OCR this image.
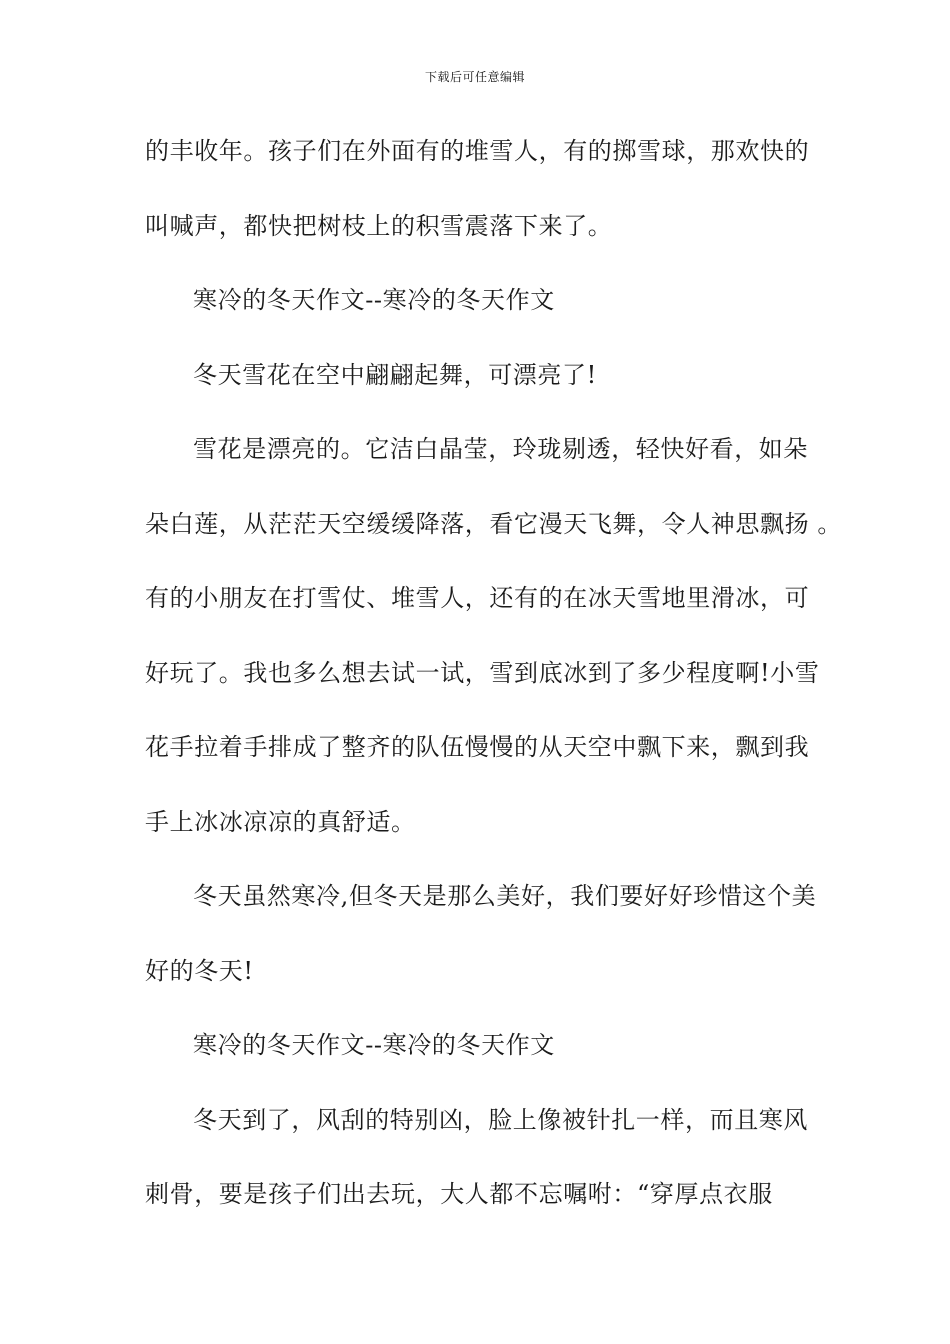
下载后可任意编辑
的丰收年。孩子们在外面有的堆雪人，有的掷雪球，那欢快的
叫喊声，都快把树枝上的积雪震落下来了。
寒冷的冬天作文--寒冷的冬天作文
冬天雪花在空中翩翩起舞，可漂亮了!
雪花是漂亮的。它洁白晶莹，玲珑剔透，轻快好看，如朵
朵白莲，从茫茫天空缓缓降落，看它漫天飞舞，令人神思飘扬 。
有的小朋友在打雪仗、堆雪人，还有的在冰天雪地里滑冰，可
好玩了。我也多么想去试一试，雪到底冰到了多少程度啊!小雪
花手拉着手排成了整齐的队伍慢慢的从天空中飘下来，飘到我
手上冰冰凉凉的真舒适。
冬天虽然寒冷,但冬天是那么美好，我们要好好珍惜这个美
好的冬天!
寒冷的冬天作文--寒冷的冬天作文
冬天到了，风刮的特别凶，脸上像被针扎一样，而且寒风
刺骨，要是孩子们出去玩，大人都不忘嘱咐：“穿厚点衣服
